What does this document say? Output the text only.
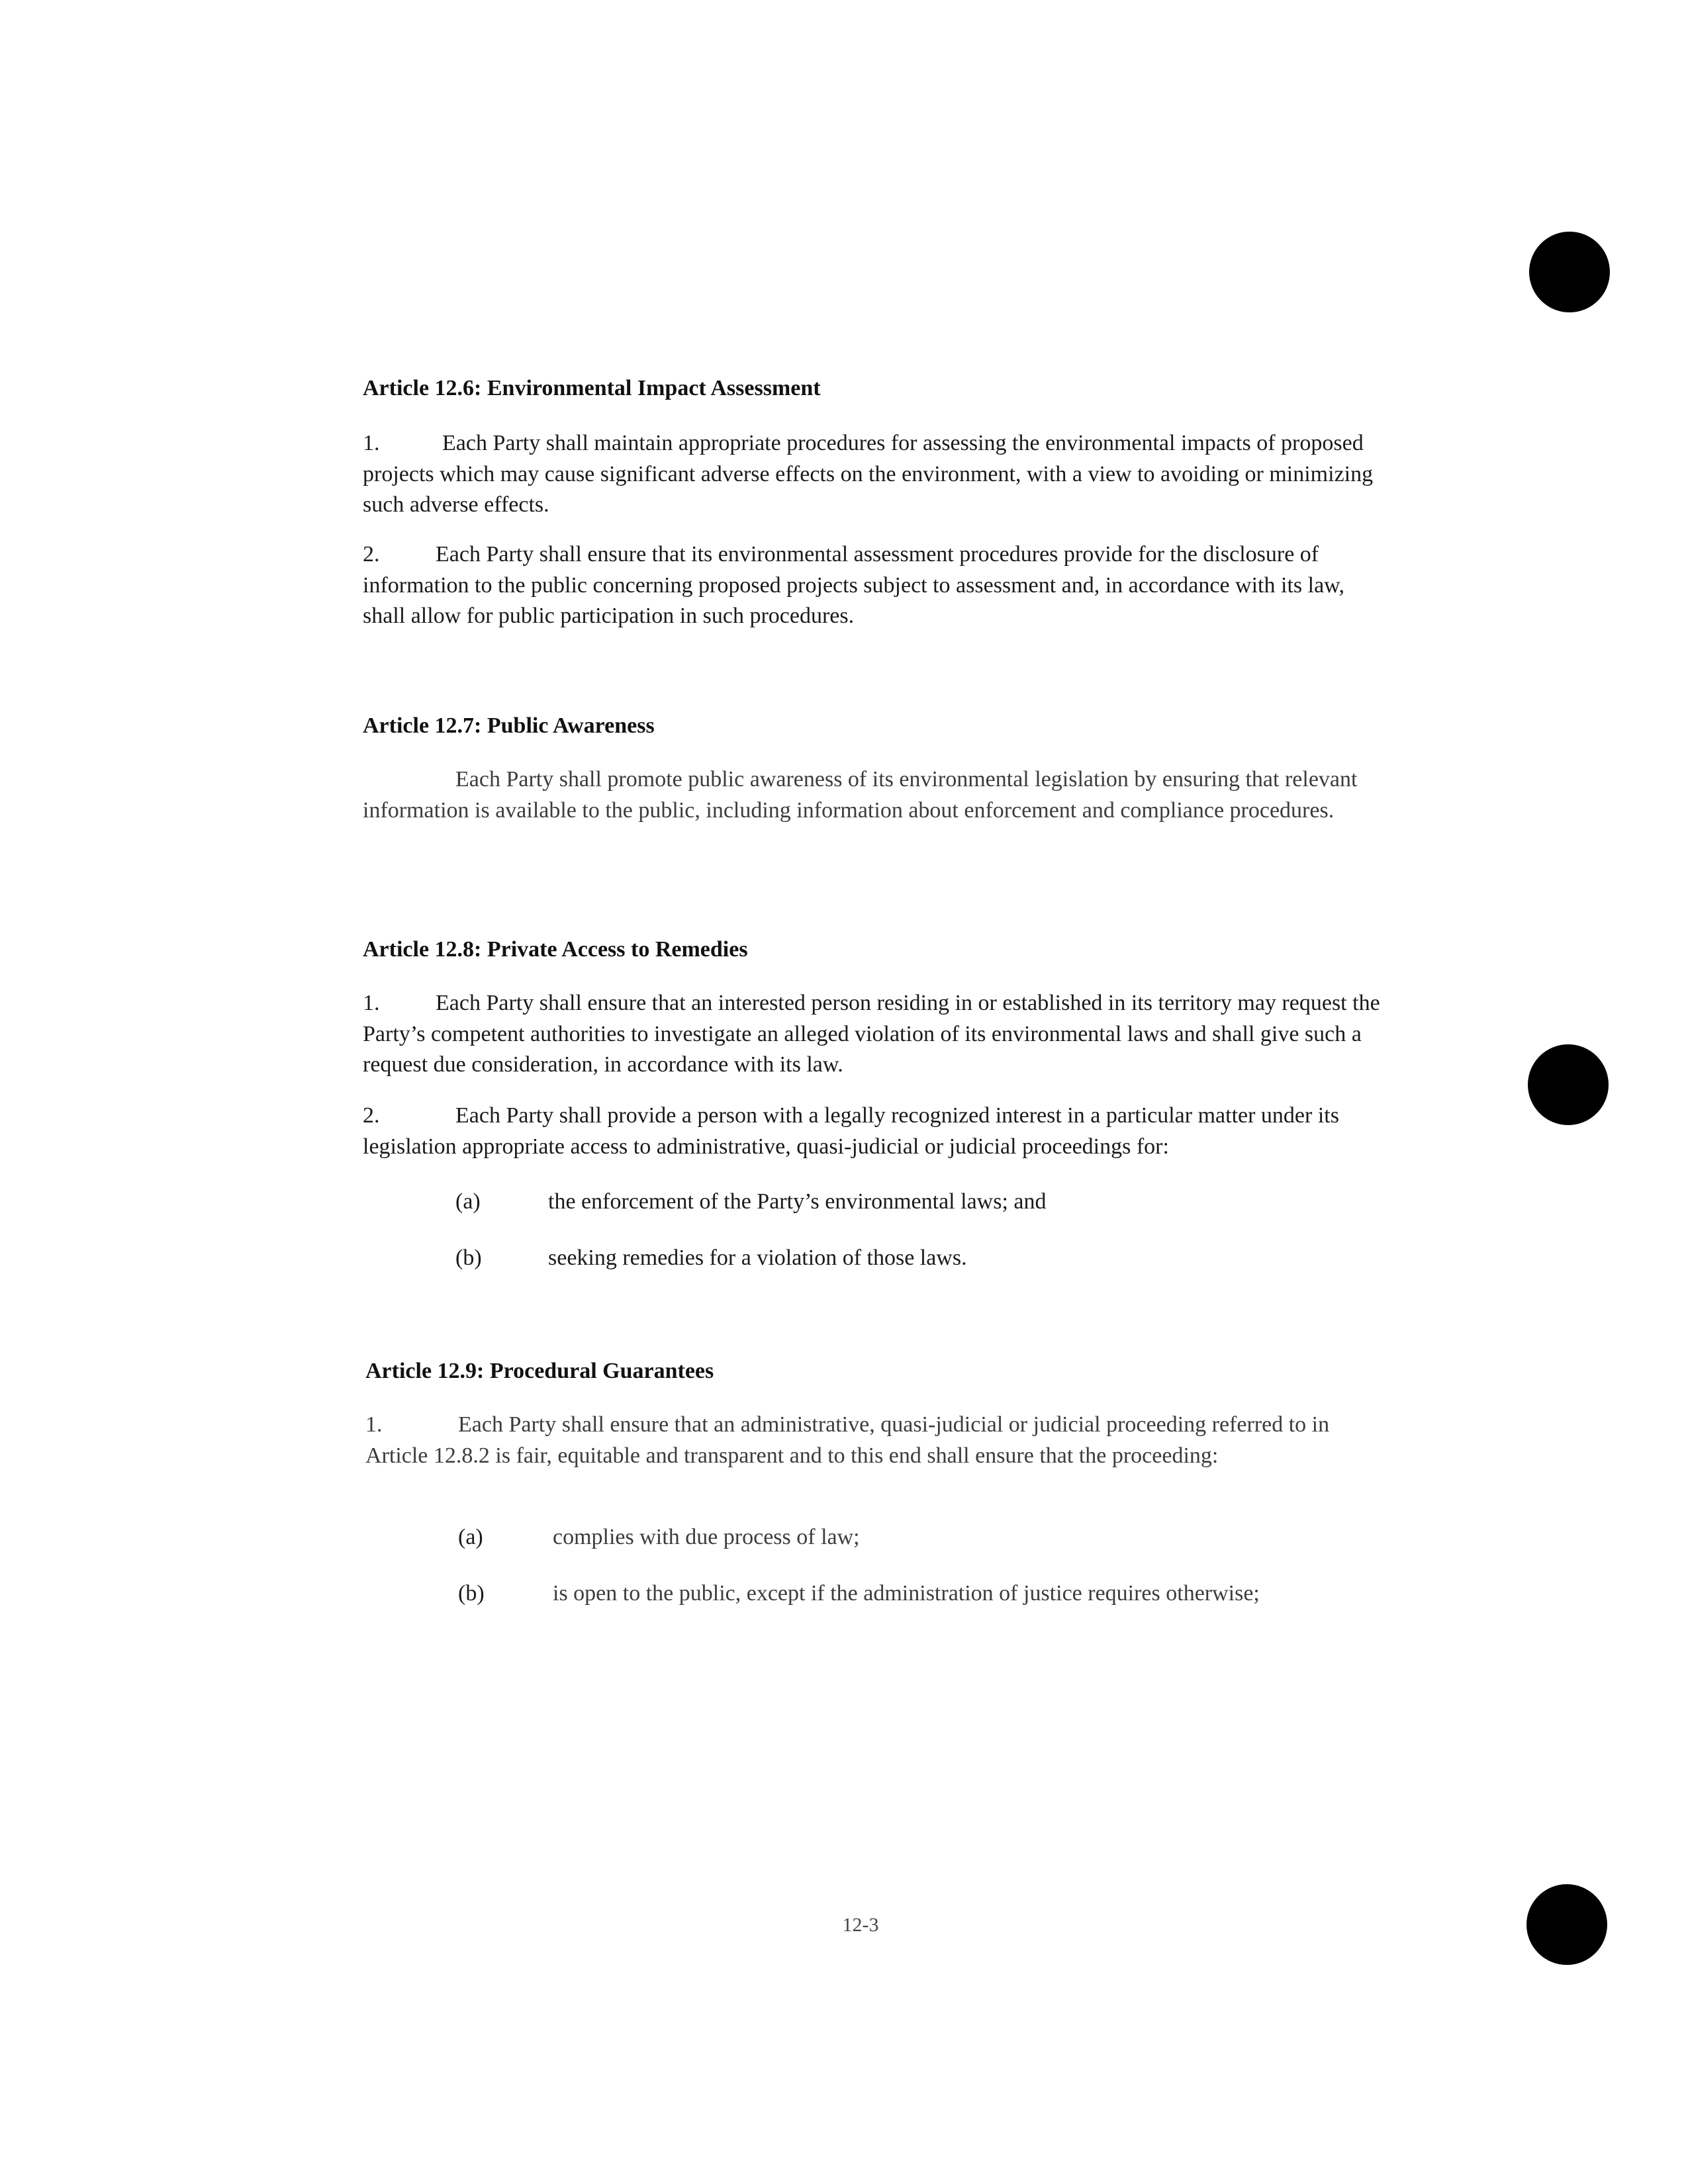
Article 12.6: Environmental Impact Assessment

1.	Each Party shall maintain appropriate procedures for assessing the environmental impacts of proposed projects which may cause significant adverse effects on the environment, with a view to avoiding or minimizing such adverse effects.

2. Each Party shall ensure that its environmental assessment procedures provide for the disclosure of information to the public concerning proposed projects subject to assessment and, in accordance with its law, shall allow for public participation in such procedures.

Article 12.7: Public Awareness

Each Party shall promote public awareness of its environmental legislation by ensuring that relevant information is available to the public, including information about enforcement and compliance procedures.

Article 12.8: Private Access to Remedies

1. Each Party shall ensure that an interested person residing in or established in its territory may request the Party’s competent authorities to investigate an alleged violation of its environmental laws and shall give such a request due consideration, in accordance with its law.

2.	Each Party shall provide a person with a legally recognized interest in a particular matter under its legislation appropriate access to administrative, quasi-judicial or judicial proceedings for:

(a)	the enforcement of the Party’s environmental laws; and
(b)	seeking remedies for a violation of those laws.
Article 12.9: Procedural Guarantees

1.	Each Party shall ensure that an administrative, quasi-judicial or judicial proceeding referred to in Article 12.8.2 is fair, equitable and transparent and to this end shall ensure that the proceeding:

(a)	complies with due process of law;
(b)	is open to the public, except if the administration of justice requires otherwise;
12-3
